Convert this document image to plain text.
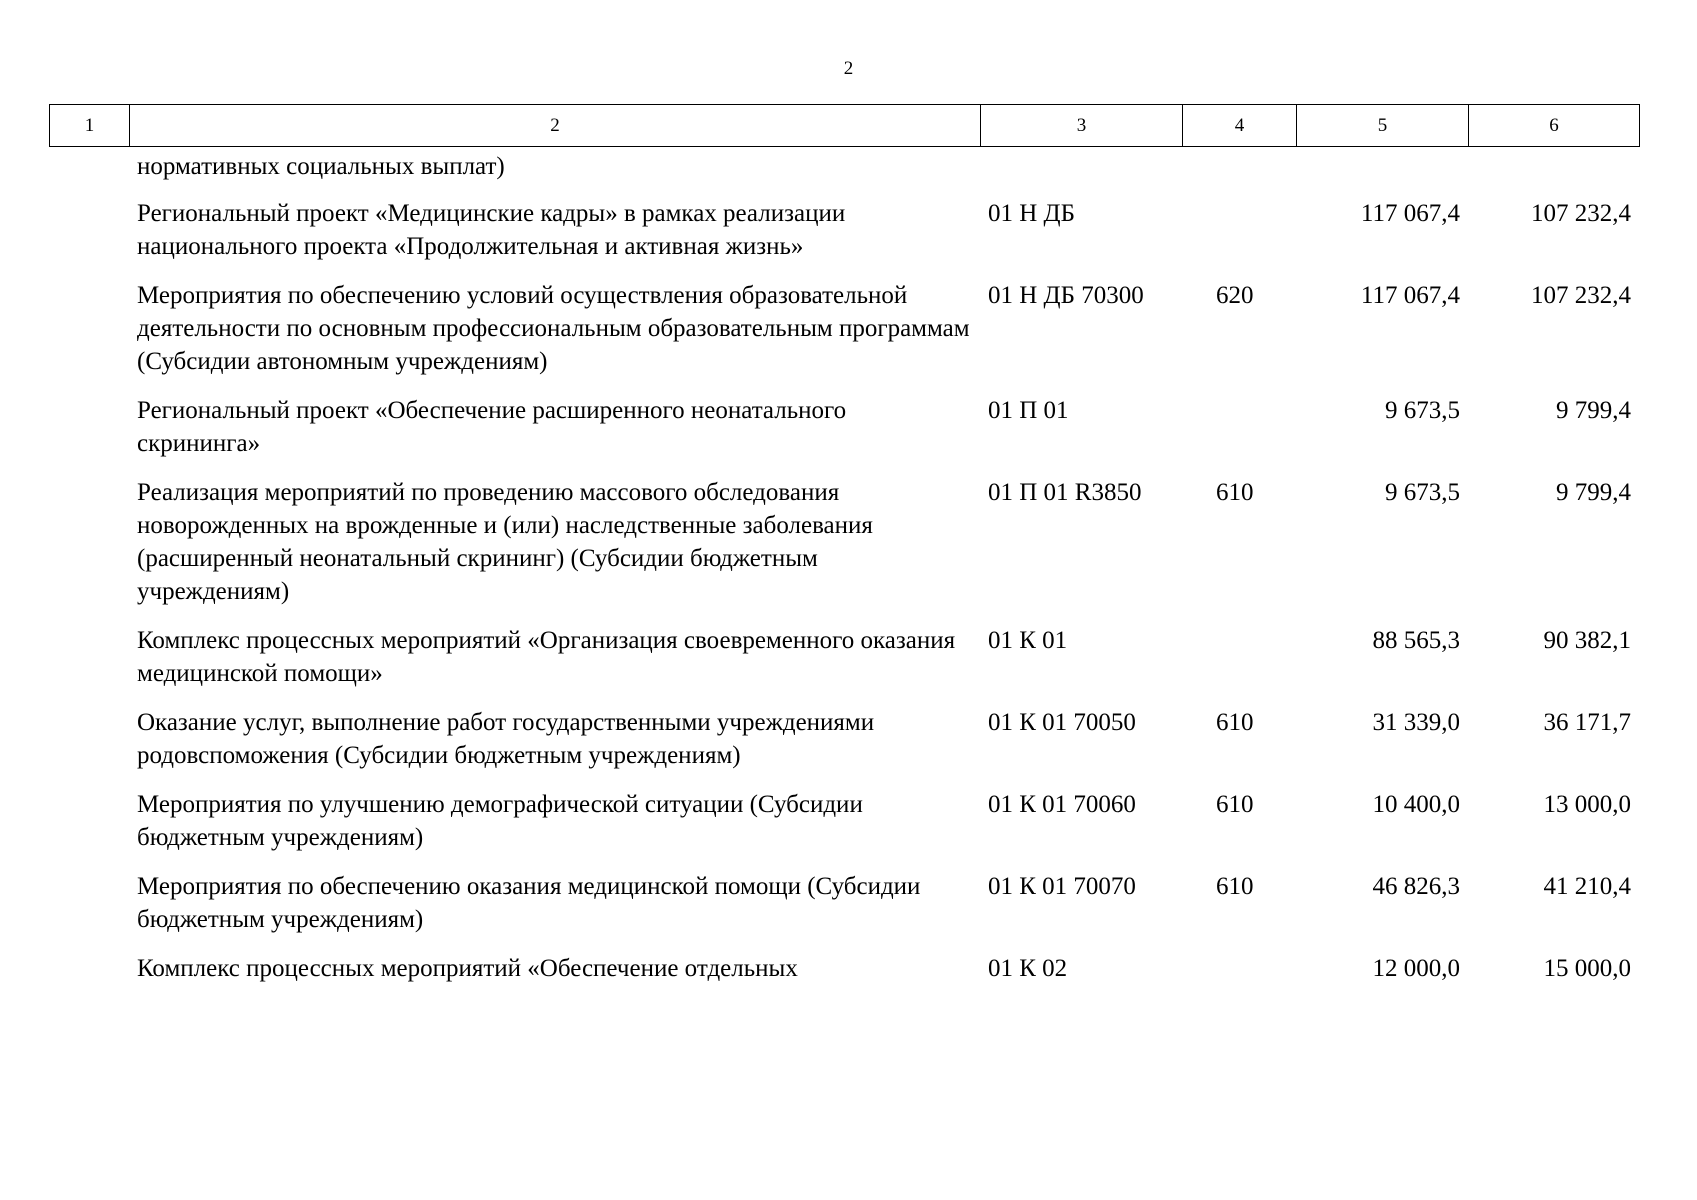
2
1	2	3	4	5	6
нормативных социальных выплат)				
Региональный проект «Медицинские кадры» в рамках реализации национального проекта «Продолжительная и активная жизнь»	01 Н ДБ		117 067,4	107 232,4
Мероприятия по обеспечению условий осуществления образовательной деятельности по основным профессиональным образовательным программам (Субсидии автономным учреждениям)	01 Н ДБ 70300	620	117 067,4	107 232,4
Региональный проект «Обеспечение расширенного неонатального скрининга»	01 П 01		9 673,5	9 799,4
Реализация мероприятий по проведению массового обследования новорожденных на врожденные и (или) наследственные заболевания (расширенный неонатальный скрининг) (Субсидии бюджетным учреждениям)	01 П 01 R3850	610	9 673,5	9 799,4
Комплекс процессных мероприятий «Организация своевременного оказания медицинской помощи»	01 К 01		88 565,3	90 382,1
Оказание услуг, выполнение работ государственными учреждениями родовспоможения (Субсидии бюджетным учреждениям)	01 К 01 70050	610	31 339,0	36 171,7
Мероприятия по улучшению демографической ситуации (Субсидии бюджетным учреждениям)	01 К 01 70060	610	10 400,0	13 000,0
Мероприятия по обеспечению оказания медицинской помощи (Субсидии бюджетным учреждениям)	01 К 01 70070	610	46 826,3	41 210,4
Комплекс процессных мероприятий «Обеспечение отдельных	01 К 02		12 000,0	15 000,0
